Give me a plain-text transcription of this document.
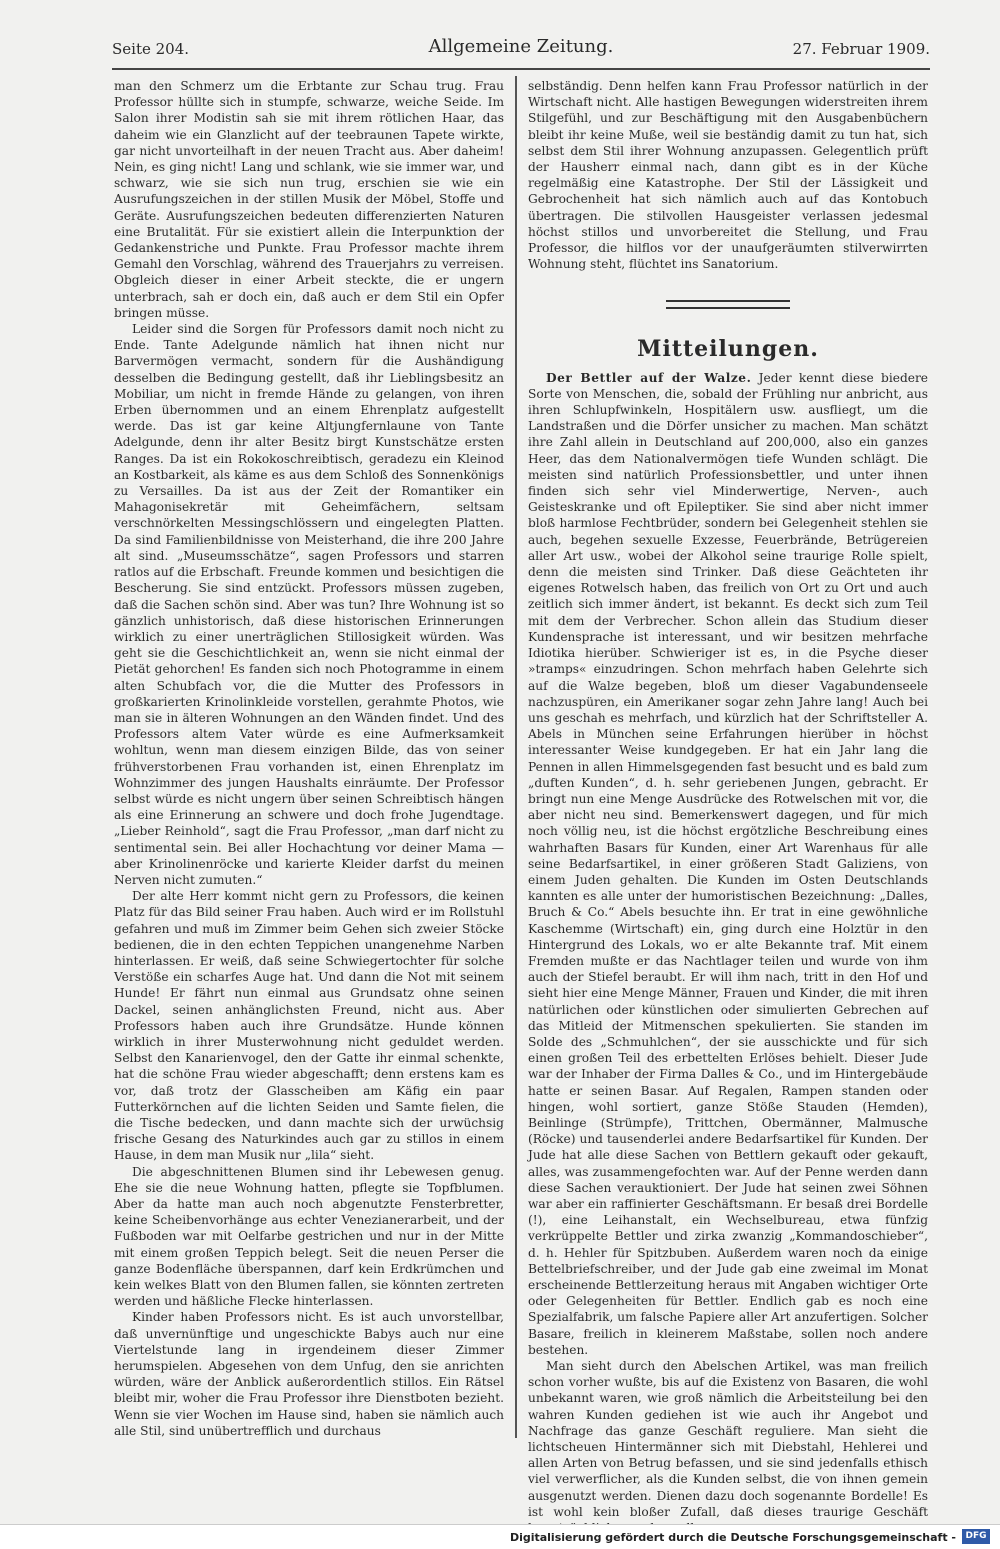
Seite 204.	Allgemeine Zeitung.	27. Februar 1909.

man den Schmerz um die Erbtante zur Schau trug. Frau Professor hüllte sich in stumpfe, schwarze, weiche Seide. Im Salon ihrer Modistin sah sie mit ihrem rötlichen Haar, das daheim wie ein Glanzlicht auf der teebraunen Tapete wirkte, gar nicht unvorteilhaft in der neuen Tracht aus. Aber daheim! Nein, es ging nicht! Lang und schlank, wie sie immer war, und schwarz, wie sie sich nun trug, erschien sie wie ein Ausrufungszeichen in der stillen Musik der Möbel, Stoffe und Geräte. Ausrufungszeichen bedeuten differenzierten Naturen eine Brutalität. Für sie existiert allein die Interpunktion der Gedankenstriche und Punkte. Frau Professor machte ihrem Gemahl den Vorschlag, während des Trauerjahrs zu verreisen. Obgleich dieser in einer Arbeit steckte, die er ungern unterbrach, sah er doch ein, daß auch er dem Stil ein Opfer bringen müsse.

Leider sind die Sorgen für Professors damit noch nicht zu Ende. Tante Adelgunde nämlich hat ihnen nicht nur Barvermögen vermacht, sondern für die Aushändigung desselben die Bedingung gestellt, daß ihr Lieblingsbesitz an Mobiliar, um nicht in fremde Hände zu gelangen, von ihren Erben übernommen und an einem Ehrenplatz aufgestellt werde. Das ist gar keine Altjungfernlaune von Tante Adelgunde, denn ihr alter Besitz birgt Kunstschätze ersten Ranges. Da ist ein Rokokoschreibtisch, geradezu ein Kleinod an Kostbarkeit, als käme es aus dem Schloß des Sonnenkönigs zu Versailles. Da ist aus der Zeit der Romantiker ein Mahagonisekretär mit Geheimfächern, seltsam verschnörkelten Messingschlössern und eingelegten Platten. Da sind Familienbildnisse von Meisterhand, die ihre 200 Jahre alt sind. „Museumsschätze“, sagen Professors und starren ratlos auf die Erbschaft. Freunde kommen und besichtigen die Bescherung. Sie sind entzückt. Professors müssen zugeben, daß die Sachen schön sind. Aber was tun? Ihre Wohnung ist so gänzlich unhistorisch, daß diese historischen Erinnerungen wirklich zu einer unerträglichen Stillosigkeit würden. Was geht sie die Geschichtlichkeit an, wenn sie nicht einmal der Pietät gehorchen! Es fanden sich noch Photogramme in einem alten Schubfach vor, die die Mutter des Professors in großkarierten Krinolinkleide vorstellen, gerahmte Photos, wie man sie in älteren Wohnungen an den Wänden findet. Und des Professors altem Vater würde es eine Aufmerksamkeit wohltun, wenn man diesem einzigen Bilde, das von seiner frühverstorbenen Frau vorhanden ist, einen Ehrenplatz im Wohnzimmer des jungen Haushalts einräumte. Der Professor selbst würde es nicht ungern über seinen Schreibtisch hängen als eine Erinnerung an schwere und doch frohe Jugendtage. „Lieber Reinhold“, sagt die Frau Professor, „man darf nicht zu sentimental sein. Bei aller Hochachtung vor deiner Mama — aber Krinolinenröcke und karierte Kleider darfst du meinen Nerven nicht zumuten.“

Der alte Herr kommt nicht gern zu Professors, die keinen Platz für das Bild seiner Frau haben. Auch wird er im Rollstuhl gefahren und muß im Zimmer beim Gehen sich zweier Stöcke bedienen, die in den echten Teppichen unangenehme Narben hinterlassen. Er weiß, daß seine Schwiegertochter für solche Verstöße ein scharfes Auge hat. Und dann die Not mit seinem Hunde! Er fährt nun einmal aus Grundsatz ohne seinen Dackel, seinen anhänglichsten Freund, nicht aus. Aber Professors haben auch ihre Grundsätze. Hunde können wirklich in ihrer Musterwohnung nicht geduldet werden. Selbst den Kanarienvogel, den der Gatte ihr einmal schenkte, hat die schöne Frau wieder abgeschafft; denn erstens kam es vor, daß trotz der Glasscheiben am Käfig ein paar Futterkörnchen auf die lichten Seiden und Samte fielen, die die Tische bedecken, und dann machte sich der urwüchsig frische Gesang des Naturkindes auch gar zu stillos in einem Hause, in dem man Musik nur „lila“ sieht.

Die abgeschnittenen Blumen sind ihr Lebewesen genug. Ehe sie die neue Wohnung hatten, pflegte sie Topfblumen. Aber da hatte man auch noch abgenutzte Fensterbretter, keine Scheibenvorhänge aus echter Venezianerarbeit, und der Fußboden war mit Oelfarbe gestrichen und nur in der Mitte mit einem großen Teppich belegt. Seit die neuen Perser die ganze Bodenfläche überspannen, darf kein Erdkrümchen und kein welkes Blatt von den Blumen fallen, sie könnten zertreten werden und häßliche Flecke hinterlassen.

Kinder haben Professors nicht. Es ist auch unvorstellbar, daß unvernünftige und ungeschickte Babys auch nur eine Viertelstunde lang in irgendeinem dieser Zimmer herumspielen. Abgesehen von dem Unfug, den sie anrichten würden, wäre der Anblick außerordentlich stillos. Ein Rätsel bleibt mir, woher die Frau Professor ihre Dienstboten bezieht. Wenn sie vier Wochen im Hause sind, haben sie nämlich auch alle Stil, sind unübertrefflich und durchaus

selbständig. Denn helfen kann Frau Professor natürlich in der Wirtschaft nicht. Alle hastigen Bewegungen widerstreiten ihrem Stilgefühl, und zur Beschäftigung mit den Ausgabenbüchern bleibt ihr keine Muße, weil sie beständig damit zu tun hat, sich selbst dem Stil ihrer Wohnung anzupassen. Gelegentlich prüft der Hausherr einmal nach, dann gibt es in der Küche regelmäßig eine Katastrophe. Der Stil der Lässigkeit und Gebrochenheit hat sich nämlich auch auf das Kontobuch übertragen. Die stilvollen Hausgeister verlassen jedesmal höchst stillos und unvorbereitet die Stellung, und Frau Professor, die hilflos vor der unaufgeräumten stilverwirrten Wohnung steht, flüchtet ins Sanatorium.

Mitteilungen.

Der Bettler auf der Walze. Jeder kennt diese biedere Sorte von Menschen, die, sobald der Frühling nur anbricht, aus ihren Schlupfwinkeln, Hospitälern usw. ausfliegt, um die Landstraßen und die Dörfer unsicher zu machen. Man schätzt ihre Zahl allein in Deutschland auf 200,000, also ein ganzes Heer, das dem Nationalvermögen tiefe Wunden schlägt. Die meisten sind natürlich Professionsbettler, und unter ihnen finden sich sehr viel Minderwertige, Nerven-, auch Geisteskranke und oft Epileptiker. Sie sind aber nicht immer bloß harmlose Fechtbrüder, sondern bei Gelegenheit stehlen sie auch, begehen sexuelle Exzesse, Feuerbrände, Betrügereien aller Art usw., wobei der Alkohol seine traurige Rolle spielt, denn die meisten sind Trinker. Daß diese Geächteten ihr eigenes Rotwelsch haben, das freilich von Ort zu Ort und auch zeitlich sich immer ändert, ist bekannt. Es deckt sich zum Teil mit dem der Verbrecher. Schon allein das Studium dieser Kundensprache ist interessant, und wir besitzen mehrfache Idiotika hierüber. Schwieriger ist es, in die Psyche dieser »tramps« einzudringen. Schon mehrfach haben Gelehrte sich auf die Walze begeben, bloß um dieser Vagabundenseele nachzuspüren, ein Amerikaner sogar zehn Jahre lang! Auch bei uns geschah es mehrfach, und kürzlich hat der Schriftsteller A. Abels in München seine Erfahrungen hierüber in höchst interessanter Weise kundgegeben. Er hat ein Jahr lang die Pennen in allen Himmelsgegenden fast besucht und es bald zum „duften Kunden“, d. h. sehr geriebenen Jungen, gebracht. Er bringt nun eine Menge Ausdrücke des Rotwelschen mit vor, die aber nicht neu sind. Bemerkenswert dagegen, und für mich noch völlig neu, ist die höchst ergötzliche Beschreibung eines wahrhaften Basars für Kunden, einer Art Warenhaus für alle seine Bedarfsartikel, in einer größeren Stadt Galiziens, von einem Juden gehalten. Die Kunden im Osten Deutschlands kannten es alle unter der humoristischen Bezeichnung: „Dalles, Bruch & Co.“ Abels besuchte ihn. Er trat in eine gewöhnliche Kaschemme (Wirtschaft) ein, ging durch eine Holztür in den Hintergrund des Lokals, wo er alte Bekannte traf. Mit einem Fremden mußte er das Nachtlager teilen und wurde von ihm auch der Stiefel beraubt. Er will ihm nach, tritt in den Hof und sieht hier eine Menge Männer, Frauen und Kinder, die mit ihren natürlichen oder künstlichen oder simulierten Gebrechen auf das Mitleid der Mitmenschen spekulierten. Sie standen im Solde des „Schmuhlchen“, der sie ausschickte und für sich einen großen Teil des erbettelten Erlöses behielt. Dieser Jude war der Inhaber der Firma Dalles & Co., und im Hintergebäude hatte er seinen Basar. Auf Regalen, Rampen standen oder hingen, wohl sortiert, ganze Stöße Stauden (Hemden), Beinlinge (Strümpfe), Trittchen, Obermänner, Malmusche (Röcke) und tausenderlei andere Bedarfsartikel für Kunden. Der Jude hat alle diese Sachen von Bettlern gekauft oder gekauft, alles, was zusammengefochten war. Auf der Penne werden dann diese Sachen verauktioniert. Der Jude hat seinen zwei Söhnen war aber ein raffinierter Geschäftsmann. Er besaß drei Bordelle (!), eine Leihanstalt, ein Wechselbureau, etwa fünfzig verkrüppelte Bettler und zirka zwanzig „Kommandoschieber“, d. h. Hehler für Spitzbuben. Außerdem waren noch da einige Bettelbriefschreiber, und der Jude gab eine zweimal im Monat erscheinende Bettlerzeitung heraus mit Angaben wichtiger Orte oder Gelegenheiten für Bettler. Endlich gab es noch eine Spezialfabrik, um falsche Papiere aller Art anzufertigen. Solcher Basare, freilich in kleinerem Maßstabe, sollen noch andere bestehen.

Man sieht durch den Abelschen Artikel, was man freilich schon vorher wußte, bis auf die Existenz von Basaren, die wohl unbekannt waren, wie groß nämlich die Arbeitsteilung bei den wahren Kunden gediehen ist wie auch ihr Angebot und Nachfrage das ganze Geschäft reguliere. Man sieht die lichtscheuen Hintermänner sich mit Diebstahl, Hehlerei und allen Arten von Betrug befassen, und sie sind jedenfalls ethisch viel verwerflicher, als die Kunden selbst, die von ihnen gemein ausgenutzt werden. Dienen dazu doch sogenannte Bordelle! Es ist wohl kein bloßer Zufall, daß dieses traurige Geschäft

Digitalisierung gefördert durch die Deutsche Forschungsgemeinschaft -	DFG
